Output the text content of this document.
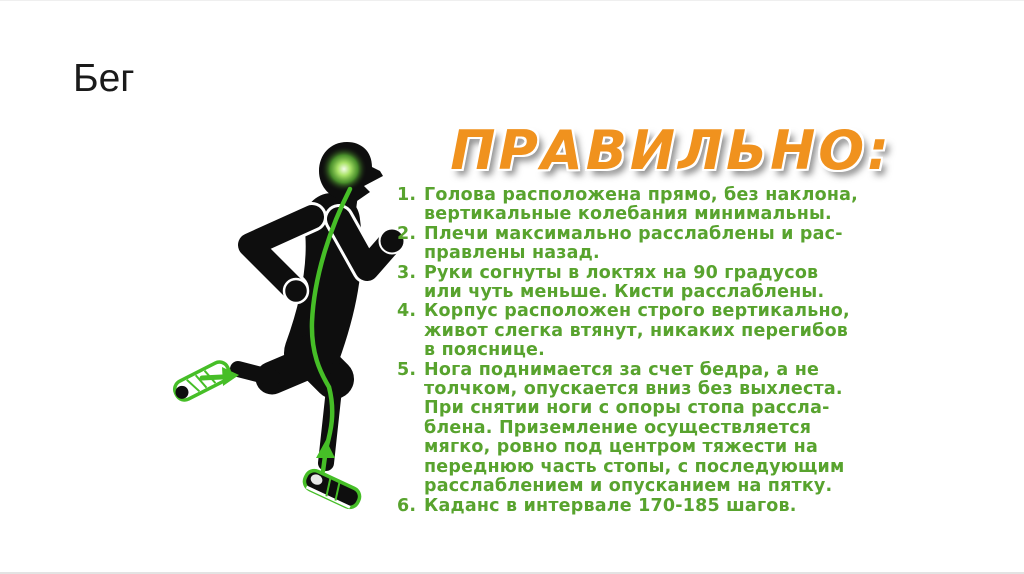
Бег
ПРАВИЛЬНО:
1. Голова расположена прямо, без наклона,
вертикальные колебания минимальны.
2. Плечи максимально расслаблены и рас-
правлены назад.
3. Руки согнуты в локтях на 90 градусов
или чуть меньше. Кисти расслаблены.
4. Корпус расположен строго вертикально,
живот слегка втянут, никаких перегибов
в пояснице.
5. Нога поднимается за счет бедра, а не
толчком, опускается вниз без выхлеста.
При снятии ноги с опоры стопа рассла-
блена. Приземление осуществляется
мягко, ровно под центром тяжести на
переднюю часть стопы, с последующим
расслаблением и опусканием на пятку.
6. Каданс в интервале 170-185 шагов.
